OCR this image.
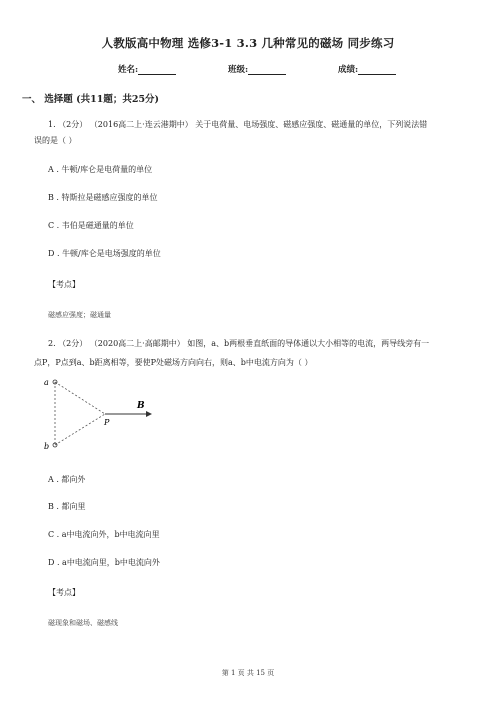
人教版高中物理 选修3-1 3.3 几种常见的磁场 同步练习
姓名:	班级:	成绩:
一、 选择题 (共11题；共25分)
1. （2分） （2016高二上·连云港期中） 关于电荷量、电场强度、磁感应强度、磁通量的单位，下列说法错
误的是（ ）
A . 牛顿/库仑是电荷量的单位
B . 特斯拉是磁感应强度的单位
C . 韦伯是磁通量的单位
D . 牛顿/库仑是电场强度的单位
【考点】
磁感应强度；磁通量
2. （2分） （2020高二上·高邮期中） 如图，a、b两根垂直纸面的导体通以大小相等的电流，两导线旁有一
点P，P点到a、b距离相等，要使P处磁场方向向右，则a、b中电流方向为（ ）
a
b
P
B
A . 都向外
B . 都向里
C . a中电流向外，b中电流向里
D . a中电流向里，b中电流向外
【考点】
磁现象和磁场、磁感线
第 1 页 共 15 页
